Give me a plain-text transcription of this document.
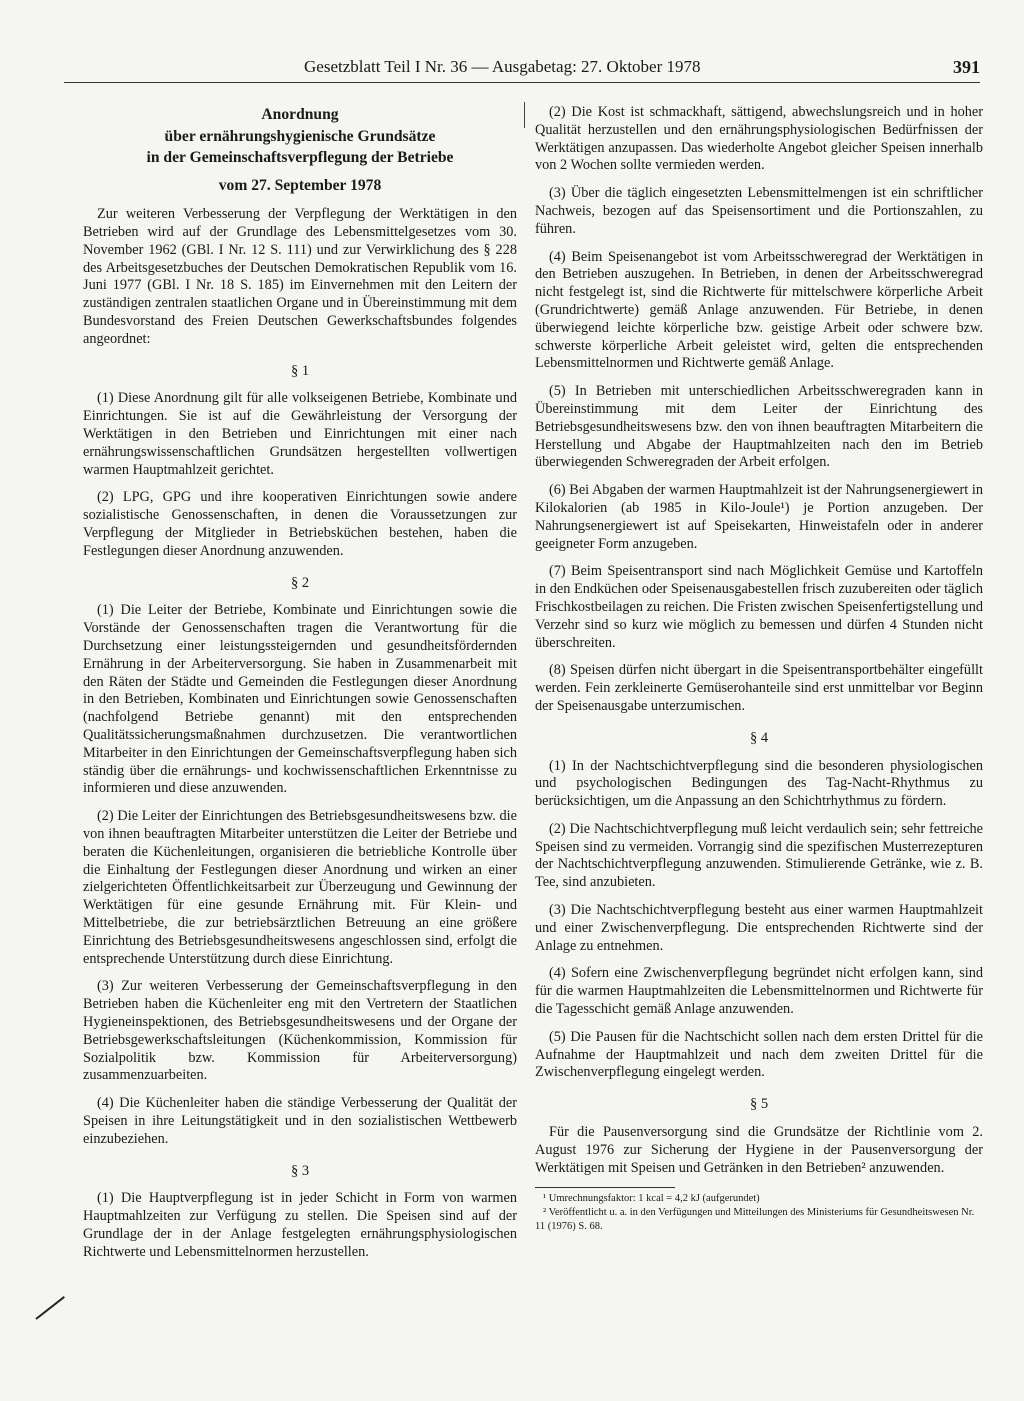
Gesetzblatt Teil I Nr. 36 — Ausgabetag: 27. Oktober 1978	391
Anordnung
über ernährungshygienische Grundsätze
in der Gemeinschaftsverpflegung der Betriebe
vom 27. September 1978

Zur weiteren Verbesserung der Verpflegung der Werktätigen in den Betrieben wird auf der Grundlage des Lebensmittelgesetzes vom 30. November 1962 (GBl. I Nr. 12 S. 111) und zur Verwirklichung des § 228 des Arbeitsgesetzbuches der Deutschen Demokratischen Republik vom 16. Juni 1977 (GBl. I Nr. 18 S. 185) im Einvernehmen mit den Leitern der zuständigen zentralen staatlichen Organe und in Übereinstimmung mit dem Bundesvorstand des Freien Deutschen Gewerkschaftsbundes folgendes angeordnet:

§ 1

(1) Diese Anordnung gilt für alle volkseigenen Betriebe, Kombinate und Einrichtungen. Sie ist auf die Gewährleistung der Versorgung der Werktätigen in den Betrieben und Einrichtungen mit einer nach ernährungswissenschaftlichen Grundsätzen hergestellten vollwertigen warmen Hauptmahlzeit gerichtet.

(2) LPG, GPG und ihre kooperativen Einrichtungen sowie andere sozialistische Genossenschaften, in denen die Voraussetzungen zur Verpflegung der Mitglieder in Betriebsküchen bestehen, haben die Festlegungen dieser Anordnung anzuwenden.

§ 2

(1) Die Leiter der Betriebe, Kombinate und Einrichtungen sowie die Vorstände der Genossenschaften tragen die Verantwortung für die Durchsetzung einer leistungssteigernden und gesundheitsfördernden Ernährung in der Arbeiterversorgung. Sie haben in Zusammenarbeit mit den Räten der Städte und Gemeinden die Festlegungen dieser Anordnung in den Betrieben, Kombinaten und Einrichtungen sowie Genossenschaften (nachfolgend Betriebe genannt) mit den entsprechenden Qualitätssicherungsmaßnahmen durchzusetzen. Die verantwortlichen Mitarbeiter in den Einrichtungen der Gemeinschaftsverpflegung haben sich ständig über die ernährungs- und kochwissenschaftlichen Erkenntnisse zu informieren und diese anzuwenden.

(2) Die Leiter der Einrichtungen des Betriebsgesundheitswesens bzw. die von ihnen beauftragten Mitarbeiter unterstützen die Leiter der Betriebe und beraten die Küchenleitungen, organisieren die betriebliche Kontrolle über die Einhaltung der Festlegungen dieser Anordnung und wirken an einer zielgerichteten Öffentlichkeitsarbeit zur Überzeugung und Gewinnung der Werktätigen für eine gesunde Ernährung mit. Für Klein- und Mittelbetriebe, die zur betriebsärztlichen Betreuung an eine größere Einrichtung des Betriebsgesundheitswesens angeschlossen sind, erfolgt die entsprechende Unterstützung durch diese Einrichtung.

(3) Zur weiteren Verbesserung der Gemeinschaftsverpflegung in den Betrieben haben die Küchenleiter eng mit den Vertretern der Staatlichen Hygieneinspektionen, des Betriebsgesundheitswesens und der Organe der Betriebsgewerkschaftsleitungen (Küchenkommission, Kommission für Sozialpolitik bzw. Kommission für Arbeiterversorgung) zusammenzuarbeiten.

(4) Die Küchenleiter haben die ständige Verbesserung der Qualität der Speisen in ihre Leitungstätigkeit und in den sozialistischen Wettbewerb einzubeziehen.

§ 3

(1) Die Hauptverpflegung ist in jeder Schicht in Form von warmen Hauptmahlzeiten zur Verfügung zu stellen. Die Speisen sind auf der Grundlage der in der Anlage festgelegten ernährungsphysiologischen Richtwerte und Lebensmittelnormen herzustellen.

(2) Die Kost ist schmackhaft, sättigend, abwechslungsreich und in hoher Qualität herzustellen und den ernährungsphysiologischen Bedürfnissen der Werktätigen anzupassen. Das wiederholte Angebot gleicher Speisen innerhalb von 2 Wochen sollte vermieden werden.

(3) Über die täglich eingesetzten Lebensmittelmengen ist ein schriftlicher Nachweis, bezogen auf das Speisensortiment und die Portionszahlen, zu führen.

(4) Beim Speisenangebot ist vom Arbeitsschweregrad der Werktätigen in den Betrieben auszugehen. In Betrieben, in denen der Arbeitsschweregrad nicht festgelegt ist, sind die Richtwerte für mittelschwere körperliche Arbeit (Grundrichtwerte) gemäß Anlage anzuwenden. Für Betriebe, in denen überwiegend leichte körperliche bzw. geistige Arbeit oder schwere bzw. schwerste körperliche Arbeit geleistet wird, gelten die entsprechenden Lebensmittelnormen und Richtwerte gemäß Anlage.

(5) In Betrieben mit unterschiedlichen Arbeitsschweregraden kann in Übereinstimmung mit dem Leiter der Einrichtung des Betriebsgesundheitswesens bzw. den von ihnen beauftragten Mitarbeitern die Herstellung und Abgabe der Hauptmahlzeiten nach den im Betrieb überwiegenden Schweregraden der Arbeit erfolgen.

(6) Bei Abgaben der warmen Hauptmahlzeit ist der Nahrungsenergiewert in Kilokalorien (ab 1985 in Kilo-Joule¹) je Portion anzugeben. Der Nahrungsenergiewert ist auf Speisekarten, Hinweistafeln oder in anderer geeigneter Form anzugeben.

(7) Beim Speisentransport sind nach Möglichkeit Gemüse und Kartoffeln in den Endküchen oder Speisenausgabestellen frisch zuzubereiten oder täglich Frischkostbeilagen zu reichen. Die Fristen zwischen Speisenfertigstellung und Verzehr sind so kurz wie möglich zu bemessen und dürfen 4 Stunden nicht überschreiten.

(8) Speisen dürfen nicht übergart in die Speisentransportbehälter eingefüllt werden. Fein zerkleinerte Gemüserohanteile sind erst unmittelbar vor Beginn der Speisenausgabe unterzumischen.

§ 4

(1) In der Nachtschichtverpflegung sind die besonderen physiologischen und psychologischen Bedingungen des Tag-Nacht-Rhythmus zu berücksichtigen, um die Anpassung an den Schichtrhythmus zu fördern.

(2) Die Nachtschichtverpflegung muß leicht verdaulich sein; sehr fettreiche Speisen sind zu vermeiden. Vorrangig sind die spezifischen Musterrezepturen der Nachtschichtverpflegung anzuwenden. Stimulierende Getränke, wie z. B. Tee, sind anzubieten.

(3) Die Nachtschichtverpflegung besteht aus einer warmen Hauptmahlzeit und einer Zwischenverpflegung. Die entsprechenden Richtwerte sind der Anlage zu entnehmen.

(4) Sofern eine Zwischenverpflegung begründet nicht erfolgen kann, sind für die warmen Hauptmahlzeiten die Lebensmittelnormen und Richtwerte für die Tagesschicht gemäß Anlage anzuwenden.

(5) Die Pausen für die Nachtschicht sollen nach dem ersten Drittel für die Aufnahme der Hauptmahlzeit und nach dem zweiten Drittel für die Zwischenverpflegung eingelegt werden.

§ 5

Für die Pausenversorgung sind die Grundsätze der Richtlinie vom 2. August 1976 zur Sicherung der Hygiene in der Pausenversorgung der Werktätigen mit Speisen und Getränken in den Betrieben² anzuwenden.

¹ Umrechnungsfaktor: 1 kcal = 4,2 kJ (aufgerundet)

² Veröffentlicht u. a. in den Verfügungen und Mitteilungen des Ministeriums für Gesundheitswesen Nr. 11 (1976) S. 68.
